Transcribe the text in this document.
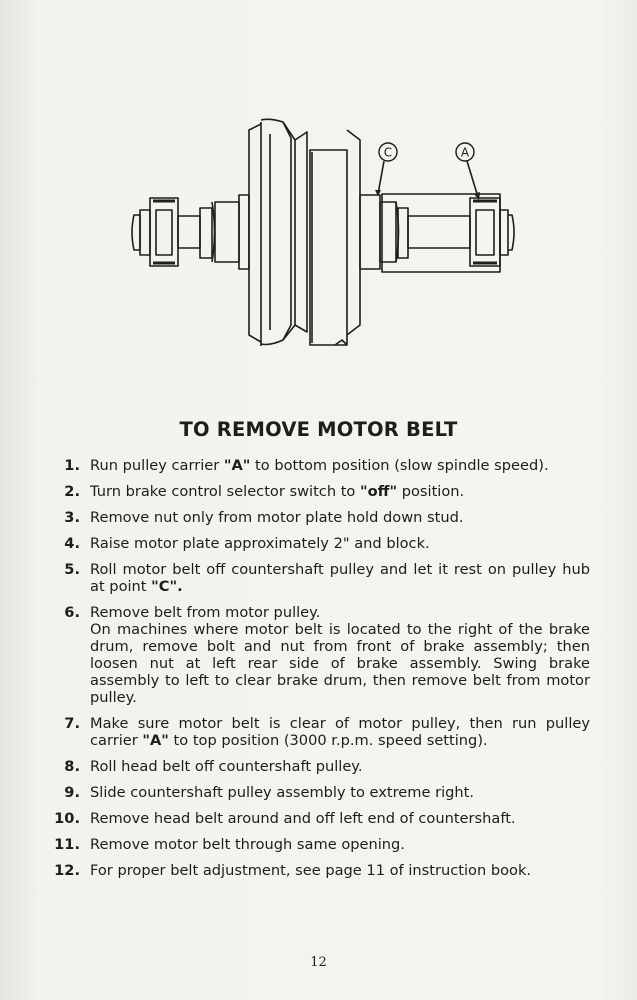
C	A
TO REMOVE MOTOR BELT
1. Run pulley carrier "A" to bottom position (slow spindle speed).
2. Turn brake control selector switch to "off" position.
3. Remove nut only from motor plate hold down stud.
4. Raise motor plate approximately 2" and block.
5. Roll motor belt off countershaft pulley and let it rest on pulley hub at point "C".
6. Remove belt from motor pulley.
On machines where motor belt is located to the right of the brake drum, remove bolt and nut from front of brake assembly; then loosen nut at left rear side of brake assembly. Swing brake assembly to left to clear brake drum, then remove belt from motor pulley.
7. Make sure motor belt is clear of motor pulley, then run pulley carrier "A" to top position (3000 r.p.m. speed setting).
8. Roll head belt off countershaft pulley.
9. Slide countershaft pulley assembly to extreme right.
10. Remove head belt around and off left end of countershaft.
11. Remove motor belt through same opening.
12. For proper belt adjustment, see page 11 of instruction book.
12
